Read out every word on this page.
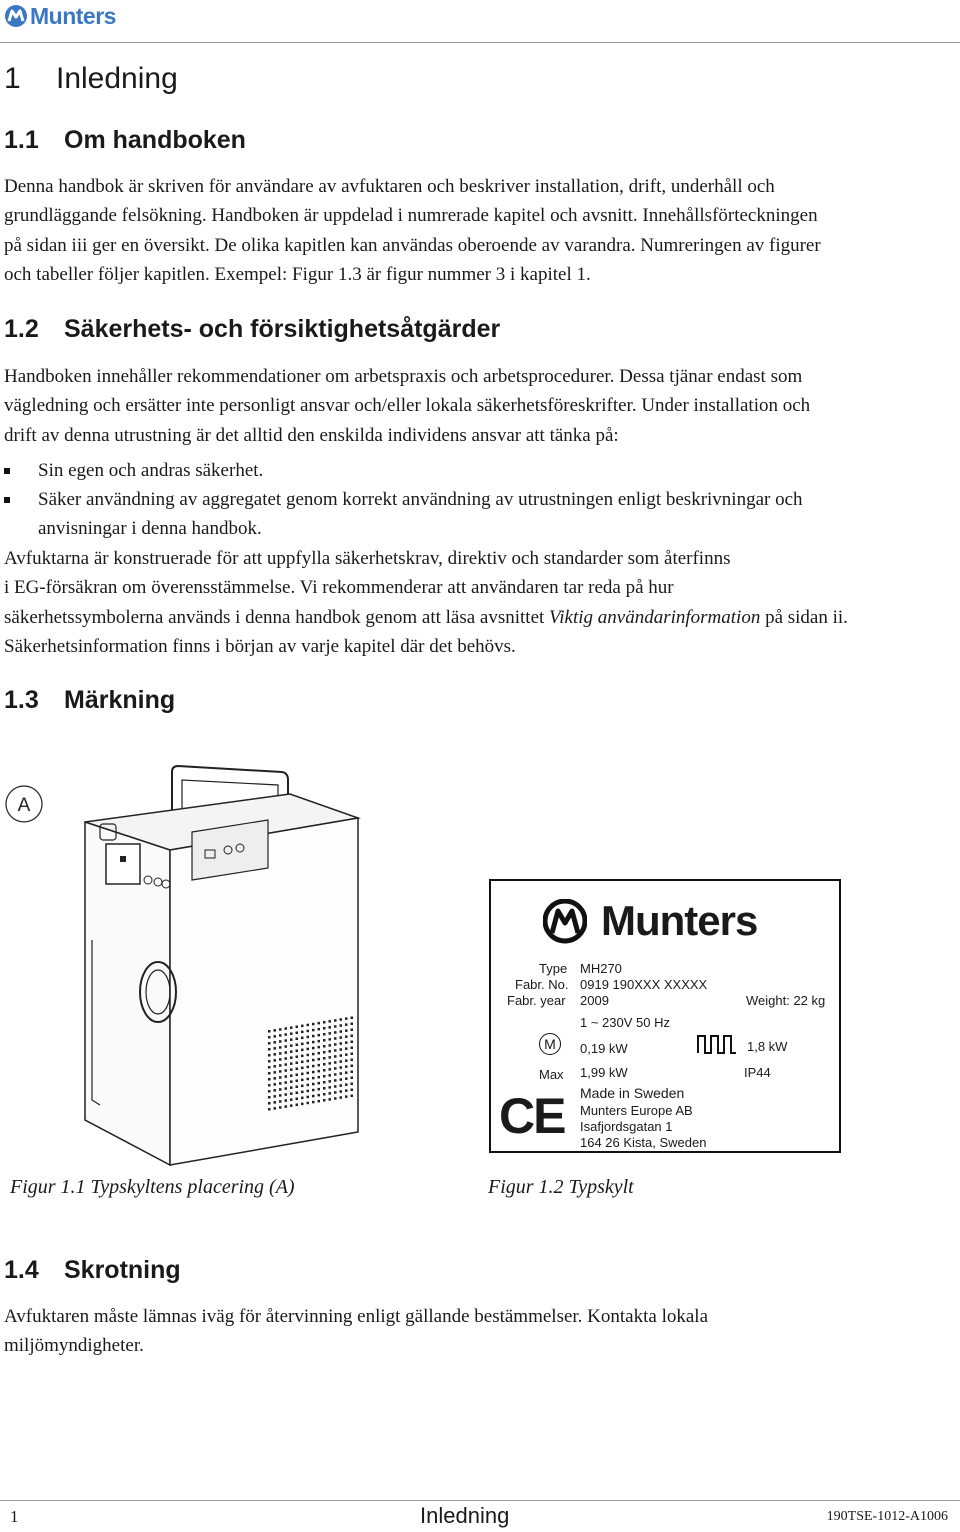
Munters
1 Inledning
1.1 Om handboken

Denna handbok är skriven för användare av avfuktaren och beskriver installation, drift, underhåll och
grundläggande felsökning. Handboken är uppdelad i numrerade kapitel och avsnitt. Innehållsförteckningen
på sidan iii ger en översikt. De olika kapitlen kan användas oberoende av varandra. Numreringen av figurer
och tabeller följer kapitlen. Exempel: Figur 1.3 är figur nummer 3 i kapitel 1.

1.2 Säkerhets- och försiktighetsåtgärder

Handboken innehåller rekommendationer om arbetspraxis och arbetsprocedurer. Dessa tjänar endast som
vägledning och ersätter inte personligt ansvar och/eller lokala säkerhetsföreskrifter. Under installation och
drift av denna utrustning är det alltid den enskilda individens ansvar att tänka på:

Sin egen och andras säkerhet.
Säker användning av aggregatet genom korrekt användning av utrustningen enligt beskrivningar och
anvisningar i denna handbok.

Avfuktarna är konstruerade för att uppfylla säkerhetskrav, direktiv och standarder som återfinns
i EG-försäkran om överensstämmelse. Vi rekommenderar att användaren tar reda på hur
säkerhetssymbolerna används i denna handbok genom att läsa avsnittet Viktig användarinformation på sidan ii.
Säkerhetsinformation finns i början av varje kapitel där det behövs.

1.3 Märkning
A
Figur 1.1 Typskyltens placering (A)
Munters
Type MH270
Fabr. No. 0919 190XXX XXXXX
Fabr. year 2009	Weight: 22 kg
1 ~ 230V 50 Hz
M	0,19 kW	1,8 kW
Max 1,99 kW	IP44
CE Made in Sweden
Munters Europe AB
Isafjordsgatan 1
164 26 Kista, Sweden
Figur 1.2 Typskylt
1.4 Skrotning

Avfuktaren måste lämnas iväg för återvinning enligt gällande bestämmelser. Kontakta lokala
miljömyndigheter.

1	Inledning	190TSE-1012-A1006
